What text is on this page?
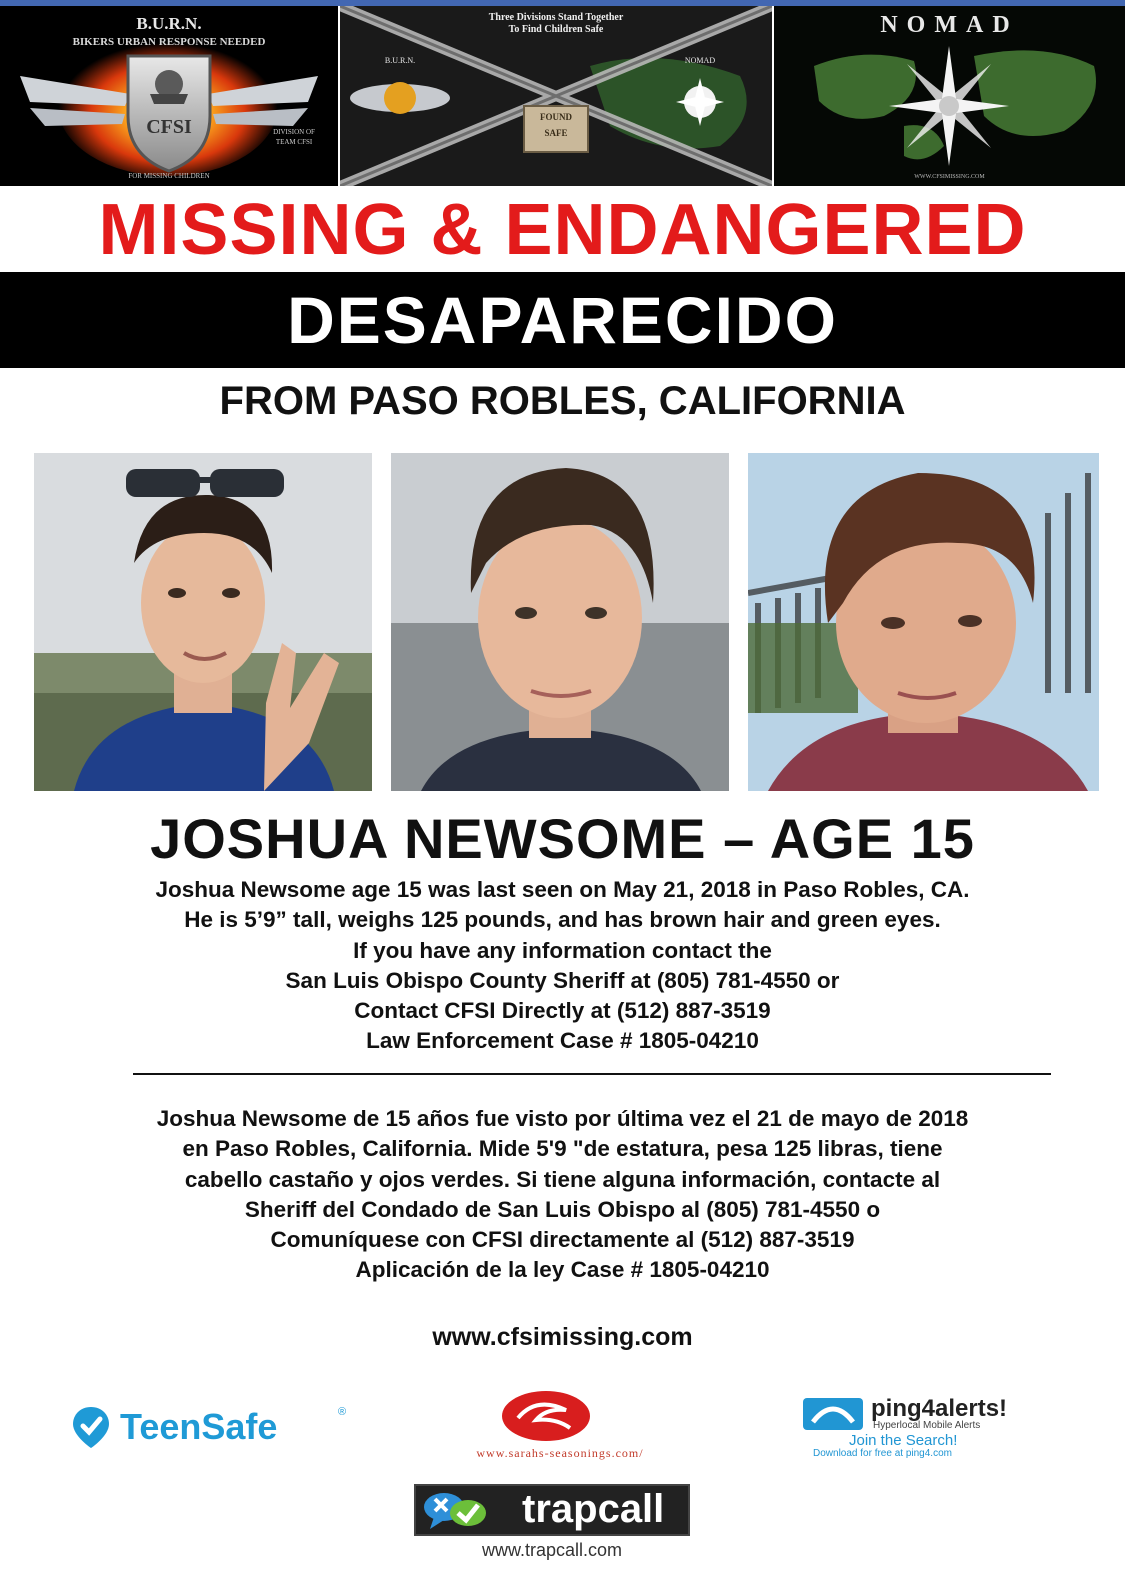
B.U.R.N.
BIKERS URBAN RESPONSE NEEDED
CFSI	DIVISION OF
TEAM CFSI
FOR MISSING CHILDREN
Three Divisions Stand Together
To Find Children Safe
B.U.R.N.	NOMAD
FOUND
SAFE
NOMAD
WWW.CFSIMISSING.COM
MISSING & ENDANGERED
DESAPARECIDO
FROM PASO ROBLES, CALIFORNIA
JOSHUA NEWSOME – AGE 15
Joshua Newsome age 15 was last seen on May 21, 2018 in Paso Robles, CA.
He is 5’9” tall, weighs 125 pounds, and has brown hair and green eyes.
If you have any information contact the
San Luis Obispo County Sheriff at (805) 781-4550 or
Contact CFSI Directly at (512) 887-3519
Law Enforcement Case # 1805-04210
Joshua Newsome de 15 años fue visto por última vez el 21 de mayo de 2018
en Paso Robles, California. Mide 5'9 "de estatura, pesa 125 libras, tiene
cabello castaño y ojos verdes. Si tiene alguna información, contacte al
Sheriff del Condado de San Luis Obispo al (805) 781-4550 o
Comuníquese con CFSI directamente al (512) 887-3519
Aplicación de la ley Case # 1805-04210
www.cfsimissing.com
TeenSafe	®
www.sarahs-seasonings.com/
ping4alerts!
Hyperlocal Mobile Alerts
Join the Search!
Download for free at ping4.com
trapcall
www.trapcall.com
